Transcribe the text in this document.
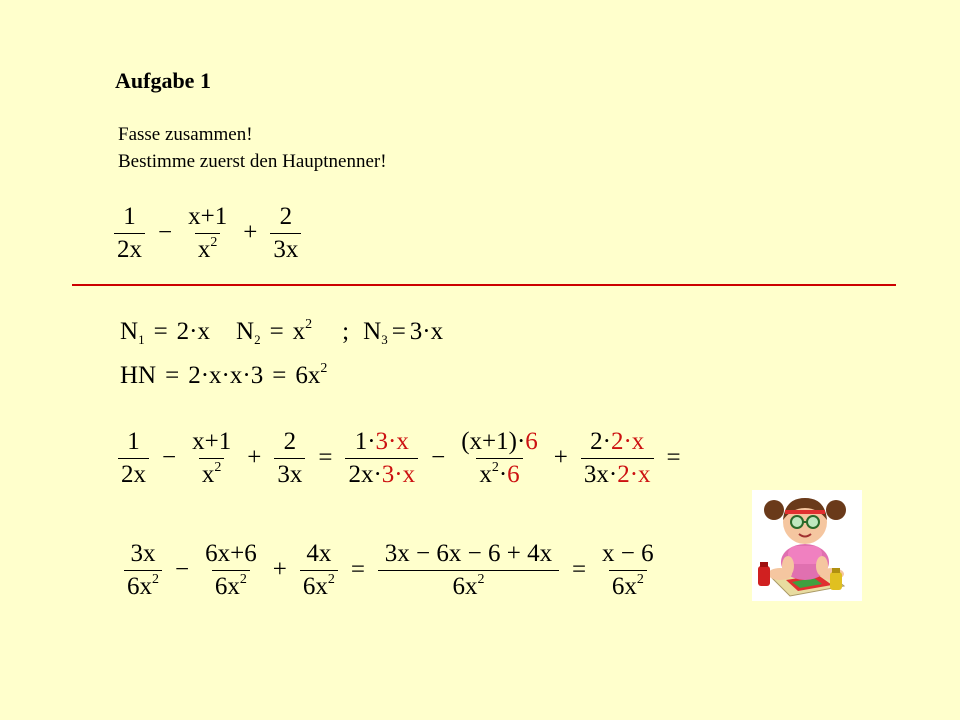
Aufgabe 1
Fasse zusammen!
Bestimme zuerst den Hauptnenner!
$\frac{1}{2x} - \frac{x+1}{x^2} + \frac{2}{3x}$
$N_1 = 2\cdot x$ $N_2 = x^2$ ; $N_3 = 3\cdot x$
HN = $2\cdot x\cdot x\cdot 3 = 6x^2$
$\frac{1}{2x} - \frac{x+1}{x^2} + \frac{2}{3x} = \frac{1\cdot 3\cdot x}{2x\cdot 3\cdot x} - \frac{(x+1)\cdot 6}{x^2\cdot 6} + \frac{2\cdot 2\cdot x}{3x\cdot 2\cdot x}$ =
$\frac{3x}{6x^2} - \frac{6x+6}{6x^2} + \frac{4x}{6x^2} = \frac{3x - 6x - 6 + 4x}{6x^2} = \frac{x - 6}{6x^2}$
